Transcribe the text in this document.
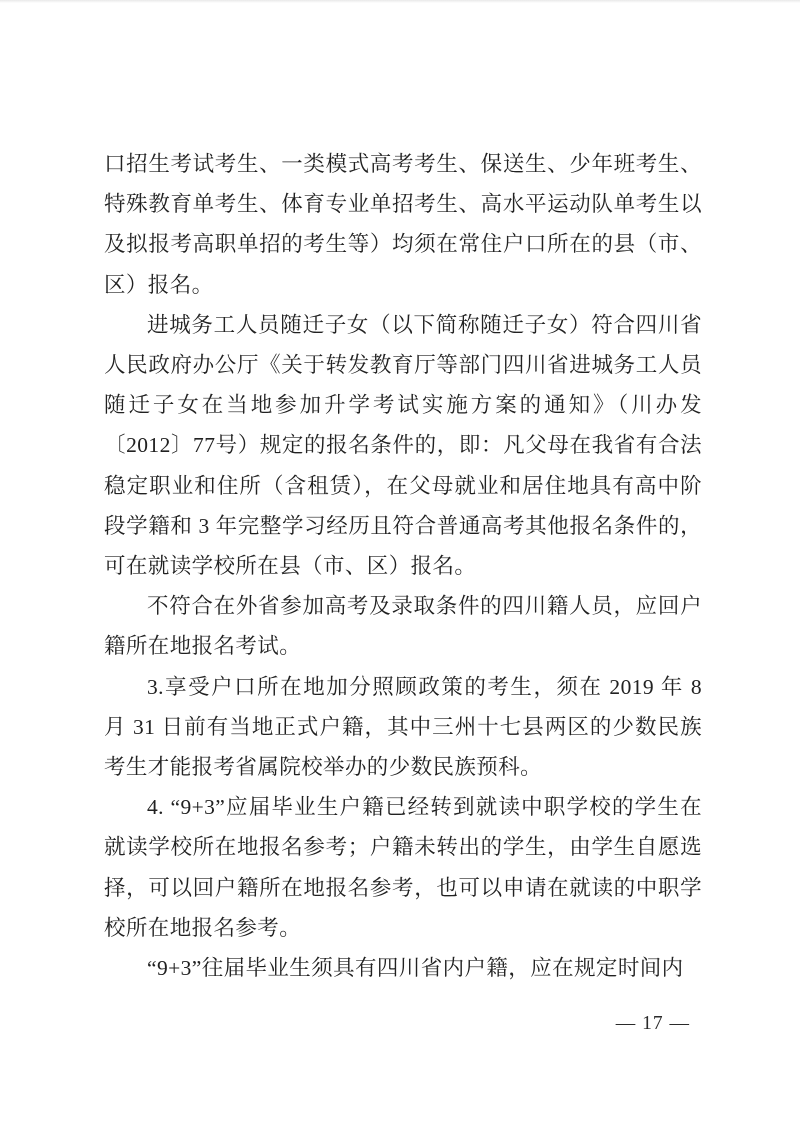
口招生考试考生、一类模式高考考生、保送生、少年班考生、特殊教育单考生、体育专业单招考生、高水平运动队单考生以及拟报考高职单招的考生等）均须在常住户口所在的县（市、区）报名。

进城务工人员随迁子女（以下简称随迁子女）符合四川省人民政府办公厅《关于转发教育厅等部门四川省进城务工人员随迁子女在当地参加升学考试实施方案的通知》（川办发〔2012〕77号）规定的报名条件的，即：凡父母在我省有合法稳定职业和住所（含租赁），在父母就业和居住地具有高中阶段学籍和 3 年完整学习经历且符合普通高考其他报名条件的，可在就读学校所在县（市、区）报名。

不符合在外省参加高考及录取条件的四川籍人员，应回户籍所在地报名考试。

3.享受户口所在地加分照顾政策的考生，须在 2019 年 8 月 31 日前有当地正式户籍，其中三州十七县两区的少数民族考生才能报考省属院校举办的少数民族预科。

4. “9+3”应届毕业生户籍已经转到就读中职学校的学生在就读学校所在地报名参考；户籍未转出的学生，由学生自愿选择，可以回户籍所在地报名参考，也可以申请在就读的中职学校所在地报名参考。

“9+3”往届毕业生须具有四川省内户籍，应在规定时间内

— 17 —
